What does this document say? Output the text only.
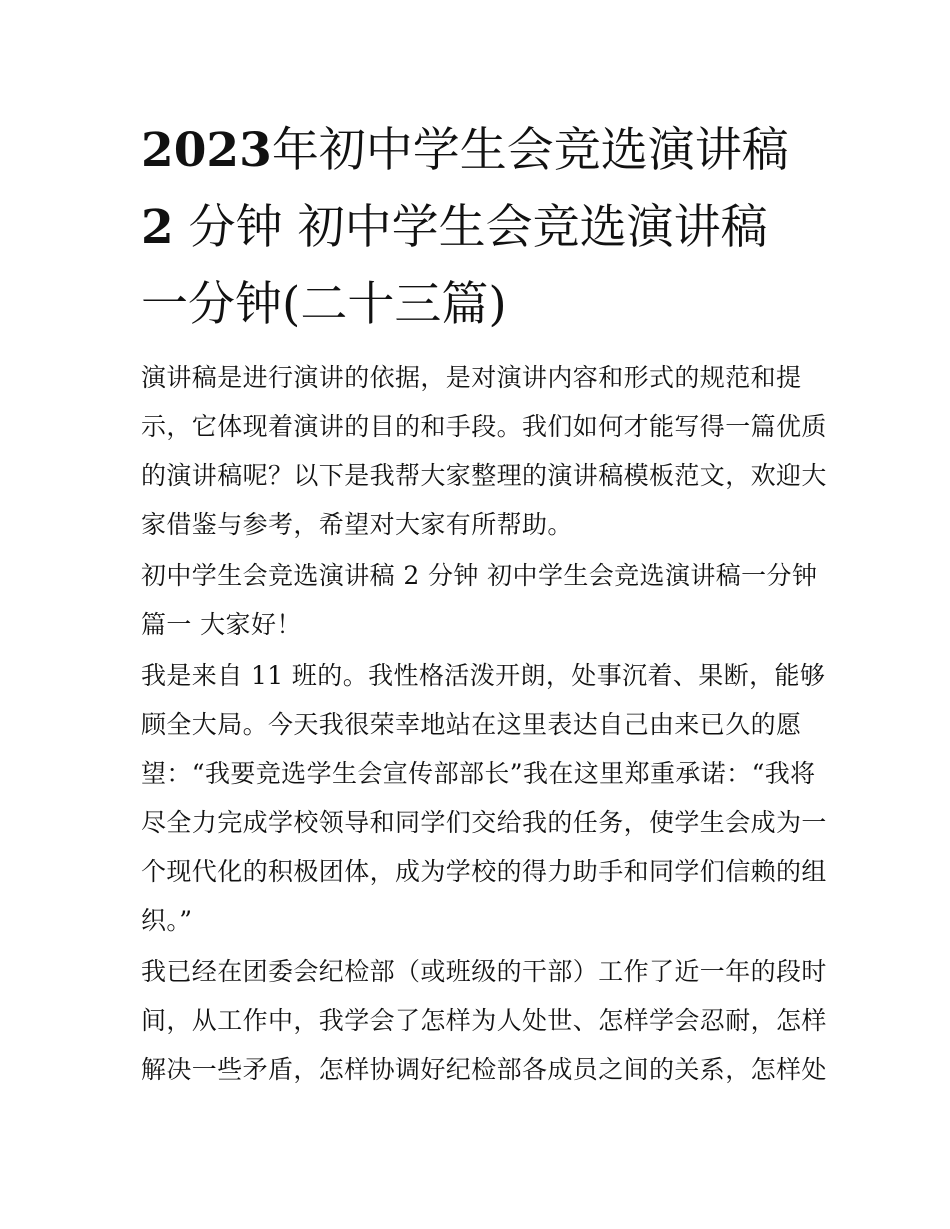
2023年初中学生会竞选演讲稿
2 分钟 初中学生会竞选演讲稿
一分钟(二十三篇)

演讲稿是进行演讲的依据，是对演讲内容和形式的规范和提

示，它体现着演讲的目的和手段。我们如何才能写得一篇优质

的演讲稿呢？以下是我帮大家整理的演讲稿模板范文，欢迎大

家借鉴与参考，希望对大家有所帮助。

初中学生会竞选演讲稿 2 分钟 初中学生会竞选演讲稿一分钟

篇一 大家好！

我是来自 11 班的。我性格活泼开朗，处事沉着、果断，能够

顾全大局。今天我很荣幸地站在这里表达自己由来已久的愿

望：“我要竞选学生会宣传部部长”我在这里郑重承诺：“我将

尽全力完成学校领导和同学们交给我的任务，使学生会成为一

个现代化的积极团体，成为学校的得力助手和同学们信赖的组

织。”

我已经在团委会纪检部（或班级的干部）工作了近一年的段时

间，从工作中，我学会了怎样为人处世、怎样学会忍耐，怎样

解决一些矛盾，怎样协调好纪检部各成员之间的关系，怎样处
